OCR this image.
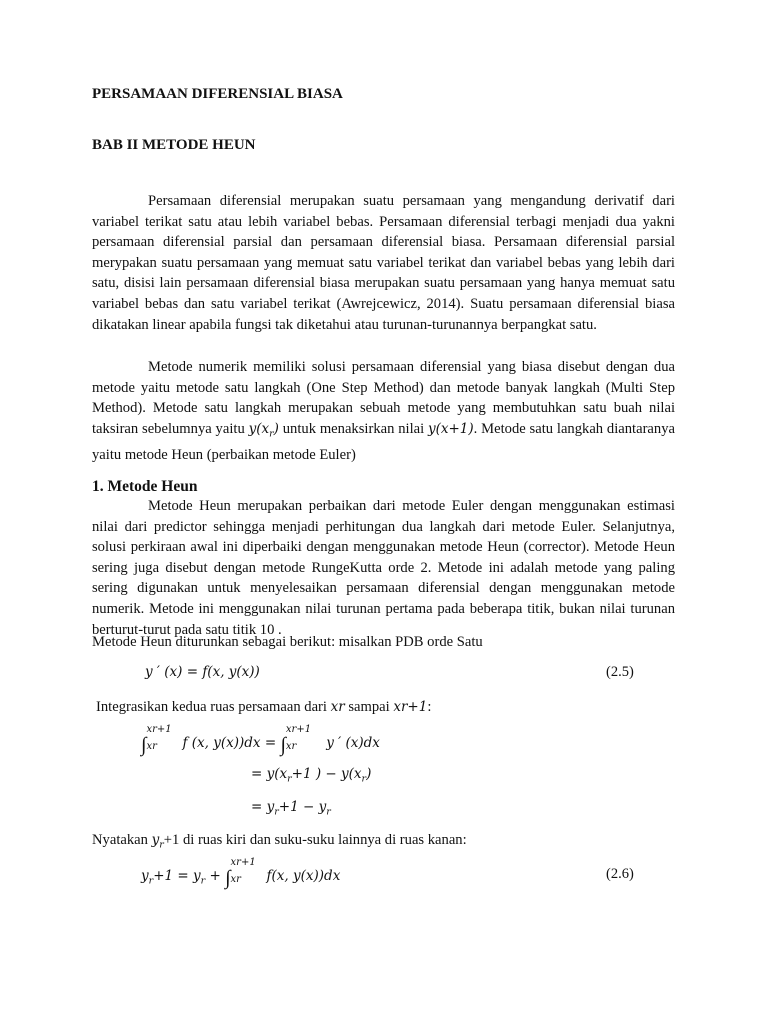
PERSAMAAN DIFERENSIAL BIASA

BAB II METODE HEUN

Persamaan diferensial merupakan suatu persamaan yang mengandung derivatif dari variabel terikat satu atau lebih variabel bebas. Persamaan diferensial terbagi menjadi dua yakni persamaan diferensial parsial dan persamaan diferensial biasa. Persamaan diferensial parsial merypakan suatu persamaan yang memuat satu variabel terikat dan variabel bebas yang lebih dari satu, disisi lain persamaan diferensial biasa merupakan suatu persamaan yang hanya memuat satu variabel bebas dan satu variabel terikat (Awrejcewicz, 2014). Suatu persamaan diferensial biasa dikatakan linear apabila fungsi tak diketahui atau turunan-turunannya berpangkat satu.

Metode numerik memiliki solusi persamaan diferensial yang biasa disebut dengan dua metode yaitu metode satu langkah (One Step Method) dan metode banyak langkah (Multi Step Method). Metode satu langkah merupakan sebuah metode yang membutuhkan satu buah nilai taksiran sebelumnya yaitu $y(x_r)$ untuk menaksirkan nilai y(x+1). Metode satu langkah diantaranya yaitu metode Heun (perbaikan metode Euler)

1. Metode Heun

Metode Heun merupakan perbaikan dari metode Euler dengan menggunakan estimasi nilai dari predictor sehingga menjadi perhitungan dua langkah dari metode Euler. Selanjutnya, solusi perkiraan awal ini diperbaiki dengan menggunakan metode Heun (corrector). Metode Heun sering juga disebut dengan metode RungeKutta orde 2. Metode ini adalah metode yang paling sering digunakan untuk menyelesaikan persamaan diferensial dengan menggunakan metode numerik. Metode ini menggunakan nilai turunan pertama pada beberapa titik, bukan nilai turunan berturut-turut pada satu titik 10 .

Metode Heun diturunkan sebagai berikut: misalkan PDB orde Satu

y ′ (x) = f(x, y(x))	(2.5)

Integrasikan kedua ruas persamaan dari xr sampai xr+1:

∫
xr+1
xr f (x, y(x))dx = ∫
xr+1
xr y ′ (x)dx
= $y(x_r+1$ ) − $y(x_r)$
= $y_r+1 - y_r$

Nyatakan $y_r+1$ di ruas kiri dan suku-suku lainnya di ruas kanan:

$y_r+1 = y_r$ + ∫
xr+1
xr f(x, y(x))dx	(2.6)
